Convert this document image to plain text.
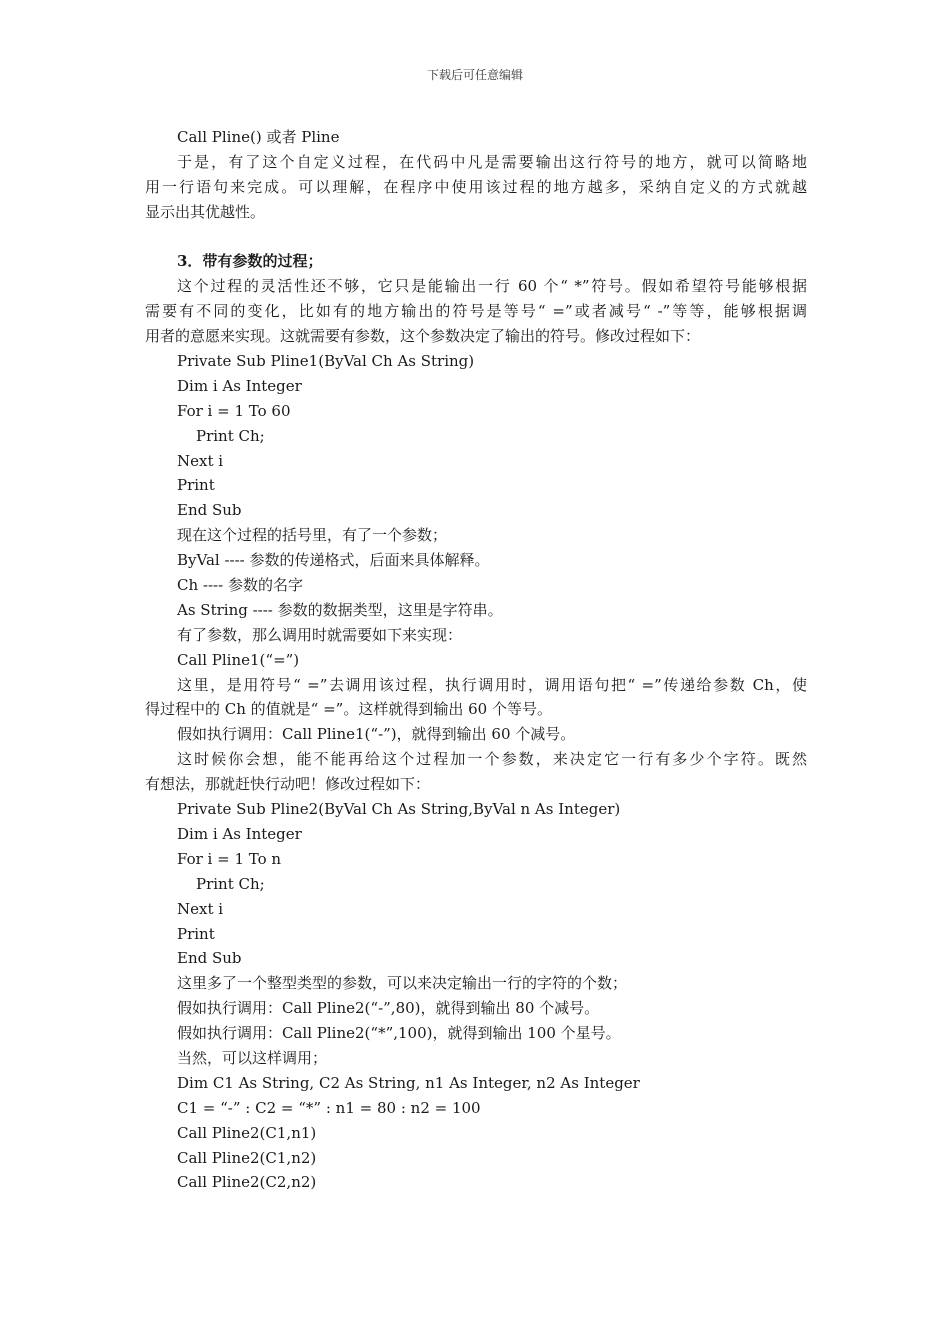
下载后可任意编辑
Call Pline() 或者 Pline
于是，有了这个自定义过程，在代码中凡是需要输出这行符号的地方，就可以简略地
用一行语句来完成。可以理解，在程序中使用该过程的地方越多，采纳自定义的方式就越
显示出其优越性。
3．带有参数的过程；
这个过程的灵活性还不够，它只是能输出一行 60 个“ *”符号。假如希望符号能够根据
需要有不同的变化，比如有的地方输出的符号是等号“ =”或者减号“ -”等等，能够根据调
用者的意愿来实现。这就需要有参数，这个参数决定了输出的符号。修改过程如下：
Private Sub Pline1(ByVal Ch As String)
Dim i As Integer
For i = 1 To 60
Print Ch;
Next i
Print
End Sub
现在这个过程的括号里，有了一个参数；
ByVal ---- 参数的传递格式，后面来具体解释。
Ch ---- 参数的名字
As String ---- 参数的数据类型，这里是字符串。
有了参数，那么调用时就需要如下来实现：
Call Pline1(“=”)
这里，是用符号“ =”去调用该过程，执行调用时，调用语句把“ =”传递给参数 Ch，使
得过程中的 Ch 的值就是“ =”。这样就得到输出 60 个等号。
假如执行调用：Call Pline1(“-”)，就得到输出 60 个减号。
这时候你会想，能不能再给这个过程加一个参数，来决定它一行有多少个字符。既然
有想法，那就赶快行动吧！修改过程如下：
Private Sub Pline2(ByVal Ch As String,ByVal n As Integer)
Dim i As Integer
For i = 1 To n
Print Ch;
Next i
Print
End Sub
这里多了一个整型类型的参数，可以来决定输出一行的字符的个数；
假如执行调用：Call Pline2(“-”,80)，就得到输出 80 个减号。
假如执行调用：Call Pline2(“*”,100)，就得到输出 100 个星号。
当然，可以这样调用；
Dim C1 As String, C2 As String, n1 As Integer, n2 As Integer
C1 = “-” : C2 = “*” : n1 = 80 : n2 = 100
Call Pline2(C1,n1)
Call Pline2(C1,n2)
Call Pline2(C2,n2)
